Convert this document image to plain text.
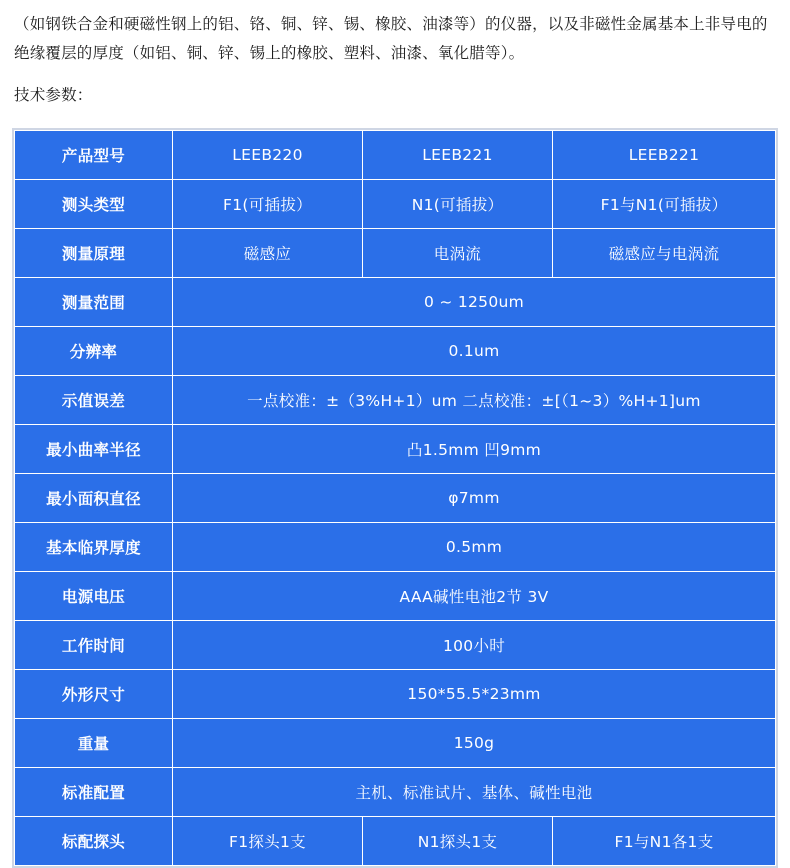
（如钢铁合金和硬磁性钢上的铝、铬、铜、锌、锡、橡胶、油漆等）的仪器，以及非磁性金属基本上非导电的绝缘覆层的厚度（如铝、铜、锌、锡上的橡胶、塑料、油漆、氧化腊等）。

技术参数：

产品型号	LEEB220	LEEB221	LEEB221
测头类型	F1(可插拔）	N1(可插拔）	F1与N1(可插拔）
测量原理	磁感应	电涡流	磁感应与电涡流
测量范围	0 ~ 1250um		
分辨率	0.1um		
示值误差	一点校准：±（3%H+1）um 二点校准：±[（1~3）%H+1]um		
最小曲率半径	凸1.5mm 凹9mm		
最小面积直径	φ7mm		
基本临界厚度	0.5mm		
电源电压	AAA碱性电池2节 3V		
工作时间	100小时		
外形尺寸	150*55.5*23mm		
重量	150g		
标准配置	主机、标准试片、基体、碱性电池		
标配探头	F1探头1支	N1探头1支	F1与N1各1支
